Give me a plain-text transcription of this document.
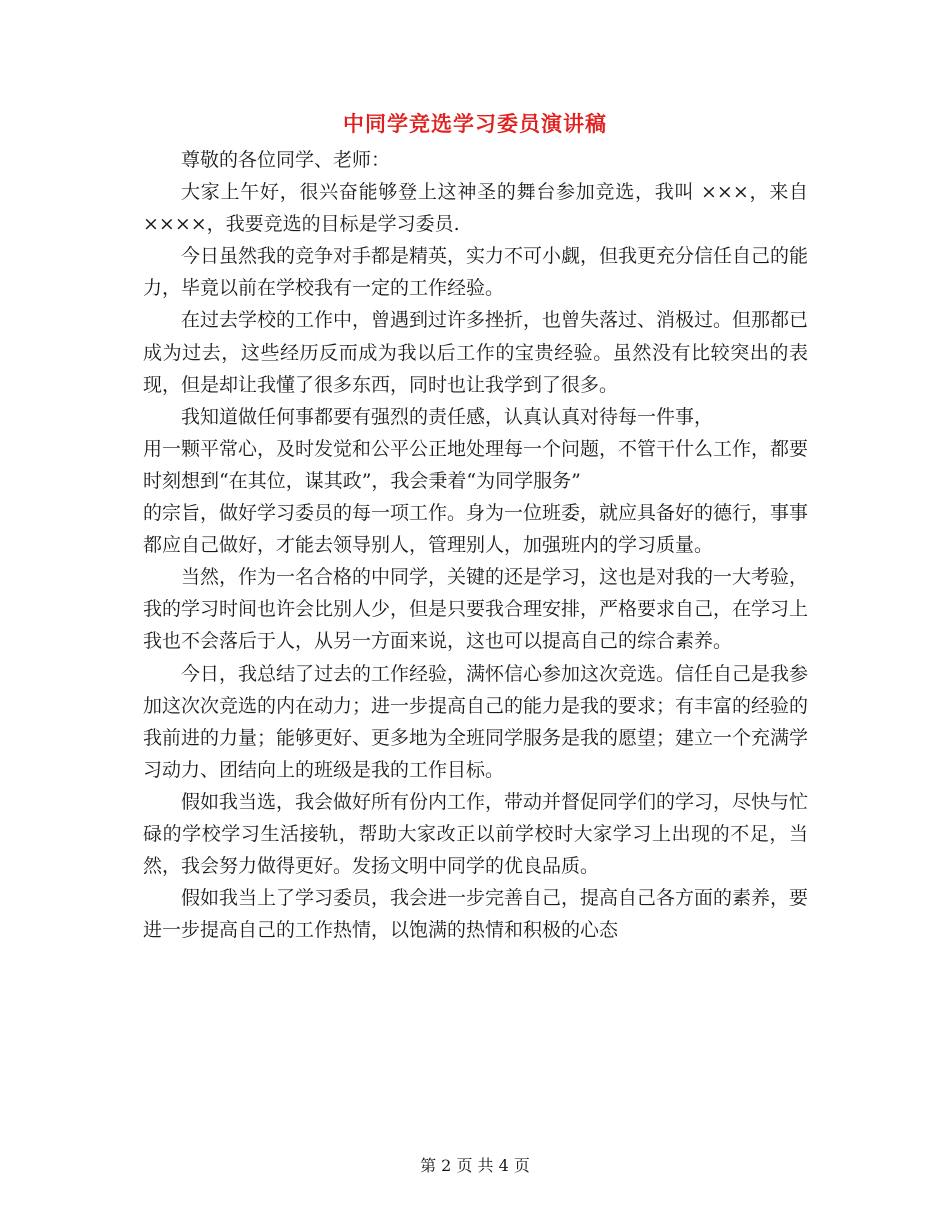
中同学竞选学习委员演讲稿

尊敬的各位同学、老师：

大家上午好，很兴奋能够登上这神圣的舞台参加竞选，我叫 ×××，来自××××，我要竞选的目标是学习委员.

今日虽然我的竞争对手都是精英，实力不可小觑，但我更充分信任自己的能力，毕竟以前在学校我有一定的工作经验。

在过去学校的工作中，曾遇到过许多挫折，也曾失落过、消极过。但那都已成为过去，这些经历反而成为我以后工作的宝贵经验。虽然没有比较突出的表现，但是却让我懂了很多东西，同时也让我学到了很多。

我知道做任何事都要有强烈的责任感，认真认真对待每一件事，
用一颗平常心，及时发觉和公平公正地处理每一个问题，不管干什么工作，都要时刻想到“在其位，谋其政”，我会秉着“为同学服务”
的宗旨，做好学习委员的每一项工作。身为一位班委，就应具备好的德行，事事都应自己做好，才能去领导别人，管理别人，加强班内的学习质量。

当然，作为一名合格的中同学，关键的还是学习，这也是对我的一大考验，我的学习时间也许会比别人少，但是只要我合理安排，严格要求自己，在学习上我也不会落后于人，从另一方面来说，这也可以提高自己的综合素养。

今日，我总结了过去的工作经验，满怀信心参加这次竞选。信任自己是我参加这次次竞选的内在动力；进一步提高自己的能力是我的要求；有丰富的经验的我前进的力量；能够更好、更多地为全班同学服务是我的愿望；建立一个充满学习动力、团结向上的班级是我的工作目标。

假如我当选，我会做好所有份内工作，带动并督促同学们的学习，尽快与忙碌的学校学习生活接轨，帮助大家改正以前学校时大家学习上出现的不足，当然，我会努力做得更好。发扬文明中同学的优良品质。

假如我当上了学习委员，我会进一步完善自己，提高自己各方面的素养，要进一步提高自己的工作热情，以饱满的热情和积极的心态

第 2 页 共 4 页
